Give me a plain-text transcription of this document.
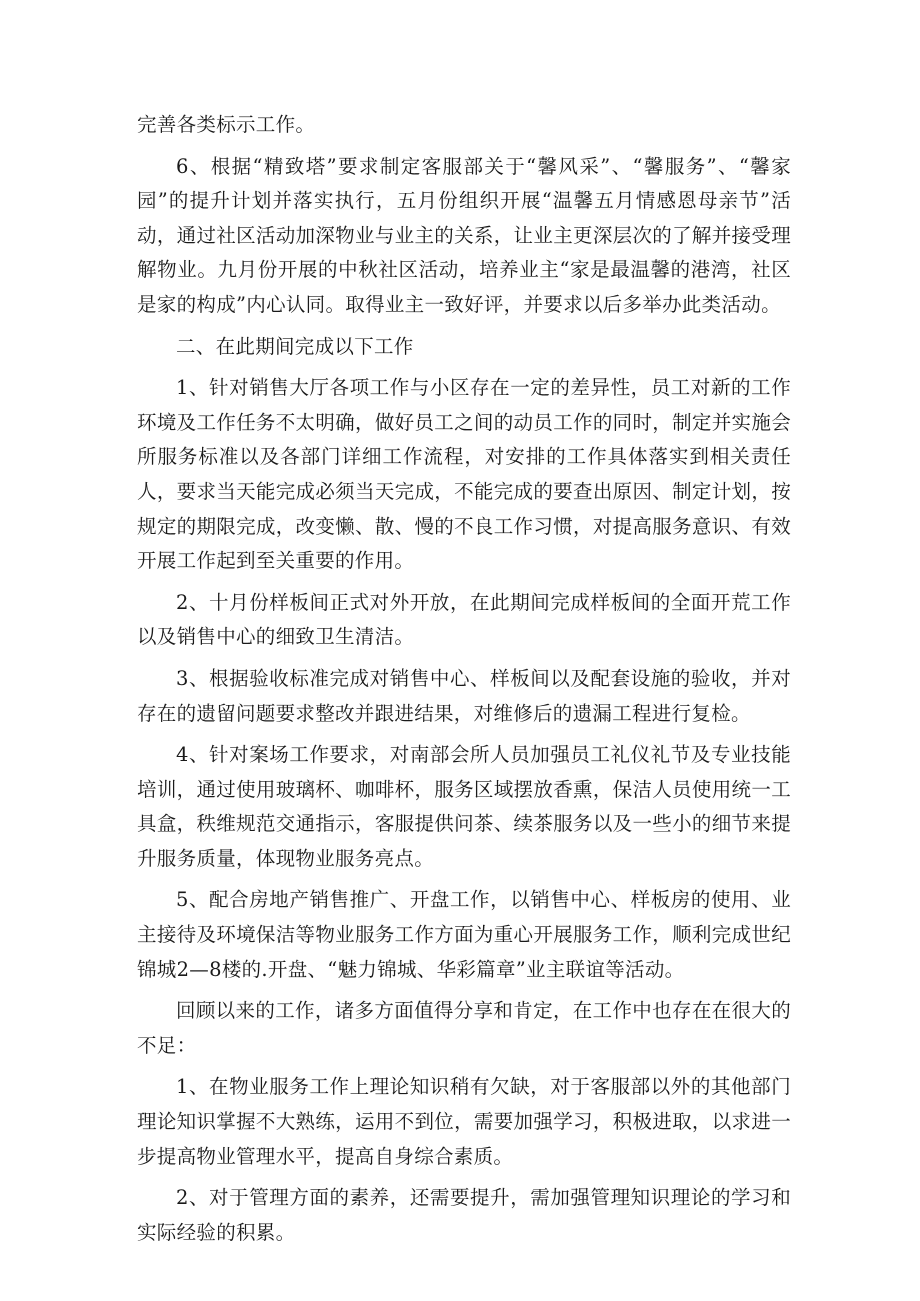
完善各类标示工作。

6、根据“精致塔”要求制定客服部关于“馨风采”、“馨服务”、“馨家园”的提升计划并落实执行，五月份组织开展“温馨五月情感恩母亲节”活动，通过社区活动加深物业与业主的关系，让业主更深层次的了解并接受理解物业。九月份开展的中秋社区活动，培养业主“家是最温馨的港湾，社区是家的构成”内心认同。取得业主一致好评，并要求以后多举办此类活动。

二、在此期间完成以下工作

1、针对销售大厅各项工作与小区存在一定的差异性，员工对新的工作环境及工作任务不太明确，做好员工之间的动员工作的同时，制定并实施会所服务标准以及各部门详细工作流程，对安排的工作具体落实到相关责任人，要求当天能完成必须当天完成，不能完成的要查出原因、制定计划，按规定的期限完成，改变懒、散、慢的不良工作习惯，对提高服务意识、有效开展工作起到至关重要的作用。

2、十月份样板间正式对外开放，在此期间完成样板间的全面开荒工作以及销售中心的细致卫生清洁。

3、根据验收标准完成对销售中心、样板间以及配套设施的验收，并对存在的遗留问题要求整改并跟进结果，对维修后的遗漏工程进行复检。

4、针对案场工作要求，对南部会所人员加强员工礼仪礼节及专业技能培训，通过使用玻璃杯、咖啡杯，服务区域摆放香熏，保洁人员使用统一工具盒，秩维规范交通指示，客服提供问茶、续茶服务以及一些小的细节来提升服务质量，体现物业服务亮点。

5、配合房地产销售推广、开盘工作，以销售中心、样板房的使用、业主接待及环境保洁等物业服务工作方面为重心开展服务工作，顺利完成世纪锦城2—8楼的.开盘、“魅力锦城、华彩篇章”业主联谊等活动。

回顾以来的工作，诸多方面值得分享和肯定，在工作中也存在在很大的不足：

1、在物业服务工作上理论知识稍有欠缺，对于客服部以外的其他部门理论知识掌握不大熟练，运用不到位，需要加强学习，积极进取，以求进一步提高物业管理水平，提高自身综合素质。

2、对于管理方面的素养，还需要提升，需加强管理知识理论的学习和实际经验的积累。
